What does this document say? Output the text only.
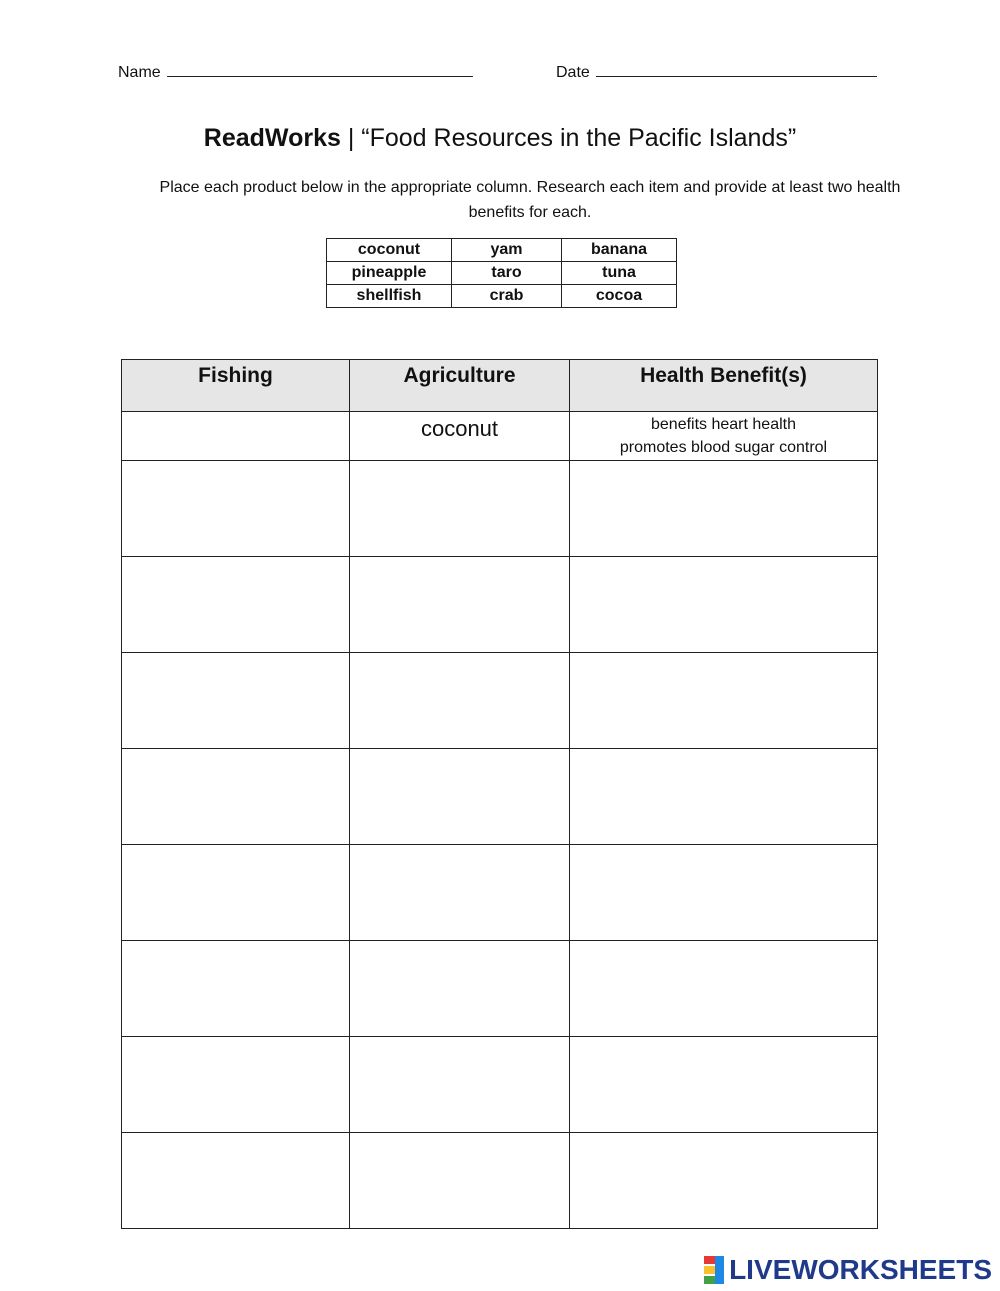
Name	Date
ReadWorks | “Food Resources in the Pacific Islands”
Place each product below in the appropriate column. Research each item and provide at least two health benefits for each.
coconut	yam	banana
pineapple	taro	tuna
shellfish	crab	cocoa
Fishing	Agriculture	Health Benefit(s)

	coconut	benefits heart health
promotes blood sugar control

LIVEWORKSHEETS
